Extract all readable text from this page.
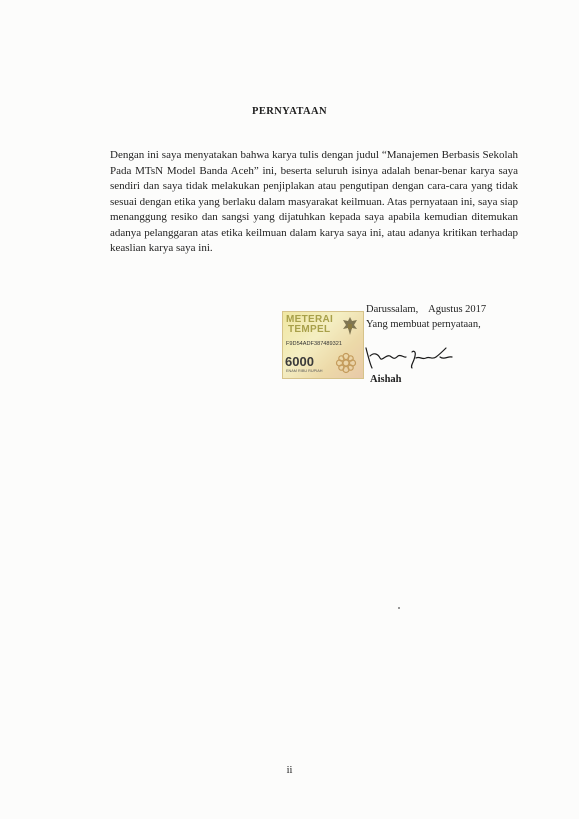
PERNYATAAN
Dengan ini saya menyatakan bahwa karya tulis dengan judul “Manajemen Berbasis Sekolah Pada MTsN Model Banda Aceh” ini, beserta seluruh isinya adalah benar-benar karya saya sendiri dan saya tidak melakukan penjiplakan atau pengutipan dengan cara-cara yang tidak sesuai dengan etika yang berlaku dalam masyarakat keilmuan. Atas pernyataan ini, saya siap menanggung resiko dan sangsi yang dijatuhkan kepada saya apabila kemudian ditemukan adanya pelanggaran atas etika keilmuan dalam karya saya ini, atau adanya kritikan terhadap keaslian karya saya ini.
Darussalam,    Agustus 2017
Yang membuat pernyataan,
METERAI
TEMPEL
F9D54ADF387489321
6000
ENAM RIBU RUPIAH
Aishah
ii
